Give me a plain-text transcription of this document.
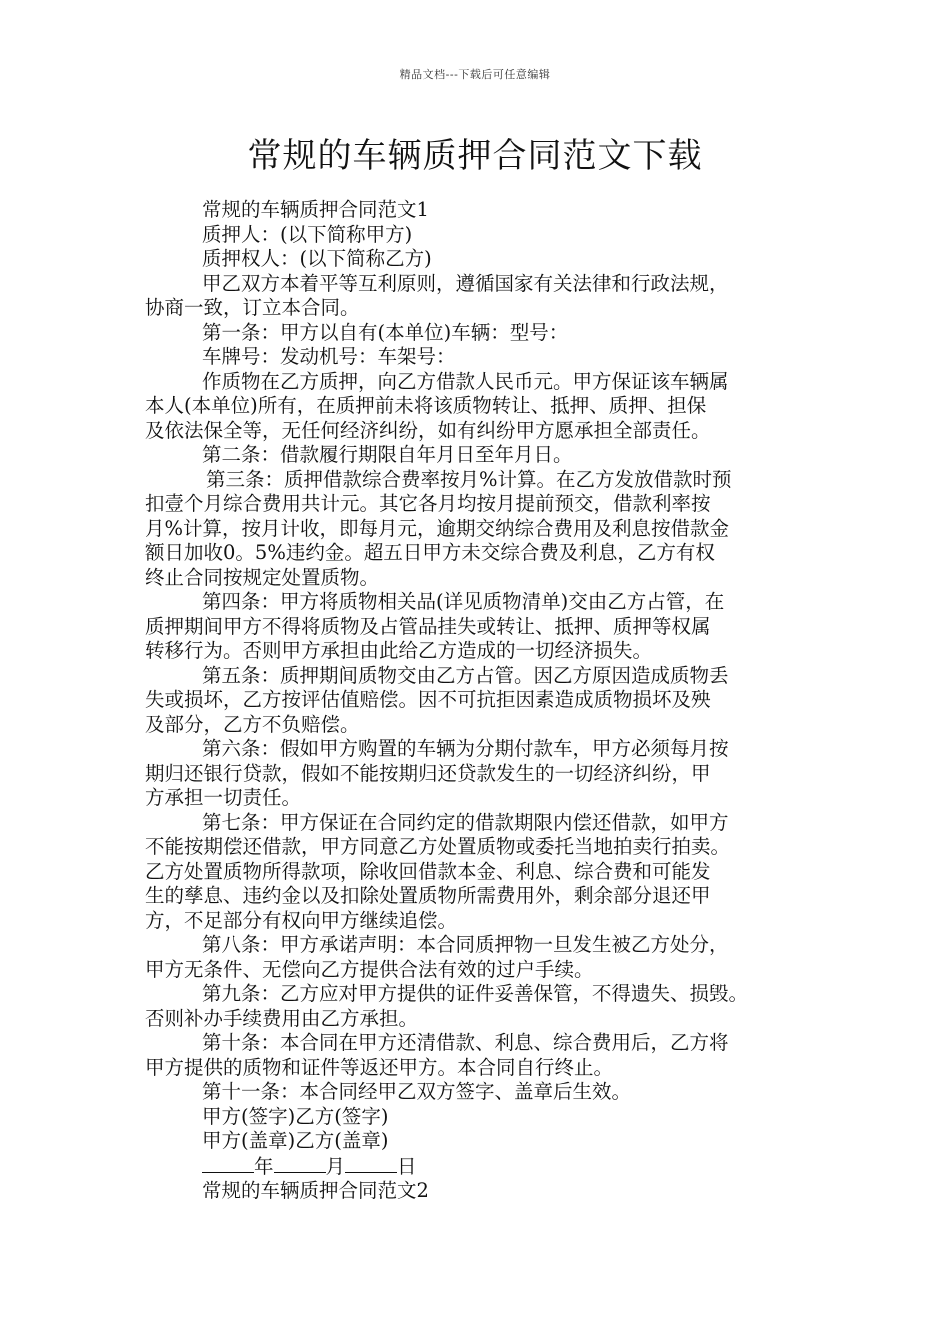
精品文档---下载后可任意编辑
常规的车辆质押合同范文下载
常规的车辆质押合同范文1
质押人：(以下简称甲方)
质押权人：(以下简称乙方)
甲乙双方本着平等互利原则，遵循国家有关法律和行政法规，
协商一致，订立本合同。
第一条：甲方以自有(本单位)车辆：型号：
车牌号：发动机号：车架号：
作质物在乙方质押，向乙方借款人民币元。甲方保证该车辆属
本人(本单位)所有，在质押前未将该质物转让、抵押、质押、担保
及依法保全等，无任何经济纠纷，如有纠纷甲方愿承担全部责任。
第二条：借款履行期限自年月日至年月日。
第三条：质押借款综合费率按月%计算。在乙方发放借款时预
扣壹个月综合费用共计元。其它各月均按月提前预交，借款利率按
月%计算，按月计收，即每月元，逾期交纳综合费用及利息按借款金
额日加收0。5%违约金。超五日甲方未交综合费及利息，乙方有权
终止合同按规定处置质物。
第四条：甲方将质物相关品(详见质物清单)交由乙方占管，在
质押期间甲方不得将质物及占管品挂失或转让、抵押、质押等权属
转移行为。否则甲方承担由此给乙方造成的一切经济损失。
第五条：质押期间质物交由乙方占管。因乙方原因造成质物丢
失或损坏，乙方按评估值赔偿。因不可抗拒因素造成质物损坏及殃
及部分，乙方不负赔偿。
第六条：假如甲方购置的车辆为分期付款车，甲方必须每月按
期归还银行贷款，假如不能按期归还贷款发生的一切经济纠纷，甲
方承担一切责任。
第七条：甲方保证在合同约定的借款期限内偿还借款，如甲方
不能按期偿还借款，甲方同意乙方处置质物或委托当地拍卖行拍卖。
乙方处置质物所得款项，除收回借款本金、利息、综合费和可能发
生的孳息、违约金以及扣除处置质物所需费用外，剩余部分退还甲
方，不足部分有权向甲方继续追偿。
第八条：甲方承诺声明：本合同质押物一旦发生被乙方处分，
甲方无条件、无偿向乙方提供合法有效的过户手续。
第九条：乙方应对甲方提供的证件妥善保管，不得遗失、损毁。
否则补办手续费用由乙方承担。
第十条：本合同在甲方还清借款、利息、综合费用后，乙方将
甲方提供的质物和证件等返还甲方。本合同自行终止。
第十一条：本合同经甲乙双方签字、盖章后生效。
甲方(签字)乙方(签字)
甲方(盖章)乙方(盖章)
年	月	日
常规的车辆质押合同范文2
